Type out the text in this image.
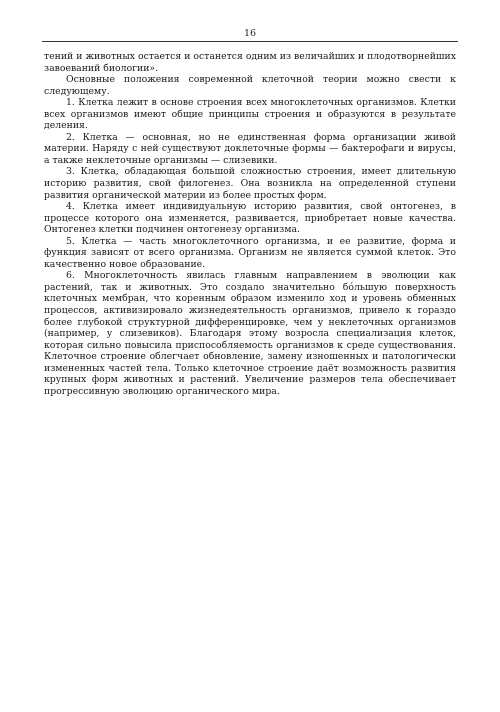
16

тений и животных остается и останется одним из величайших и плодотворнейших завоеваний биологии».

Основные положения современной клеточной теории можно свести к следующему.

1. Клетка лежит в основе строения всех многоклеточных организмов. Клетки всех организмов имеют общие принципы строения и образуются в результате деления.

2. Клетка — основная, но не единственная форма организации живой материи. Наряду с ней существуют доклеточные формы — бактерофаги и вирусы, а также неклеточные организмы — слизевики.

3. Клетка, обладающая большой сложностью строения, имеет длительную историю развития, свой филогенез. Она возникла на определенной ступени развития органической материи из более простых форм.

4. Клетка имеет индивидуальную историю развития, свой онтогенез, в процессе которого она изменяется, развивается, приобретает новые качества. Онтогенез клетки подчинен онтогенезу организма.

5. Клетка — часть многоклеточного организма, и ее развитие, форма и функция зависят от всего организма. Организм не является суммой клеток. Это качественно новое образование.

6. Многоклеточность явилась главным направлением в эволюции как растений, так и животных. Это создало значительно бо́льшую поверхность клеточных мембран, что коренным образом изменило ход и уровень обменных процессов, активизировало жизнедеятельность организмов, привело к гораздо более глубокой структурной дифференцировке, чем у неклеточных организмов (например, у слизевиков). Благодаря этому возросла специализация клеток, которая сильно повысила приспособляемость организмов к среде существования. Клеточное строение облегчает обновление, замену изношенных и патологически измененных частей тела. Только клеточное строение даёт возможность развития крупных форм животных и растений. Увеличение размеров тела обеспечивает прогрессивную эволюцию органического мира.
